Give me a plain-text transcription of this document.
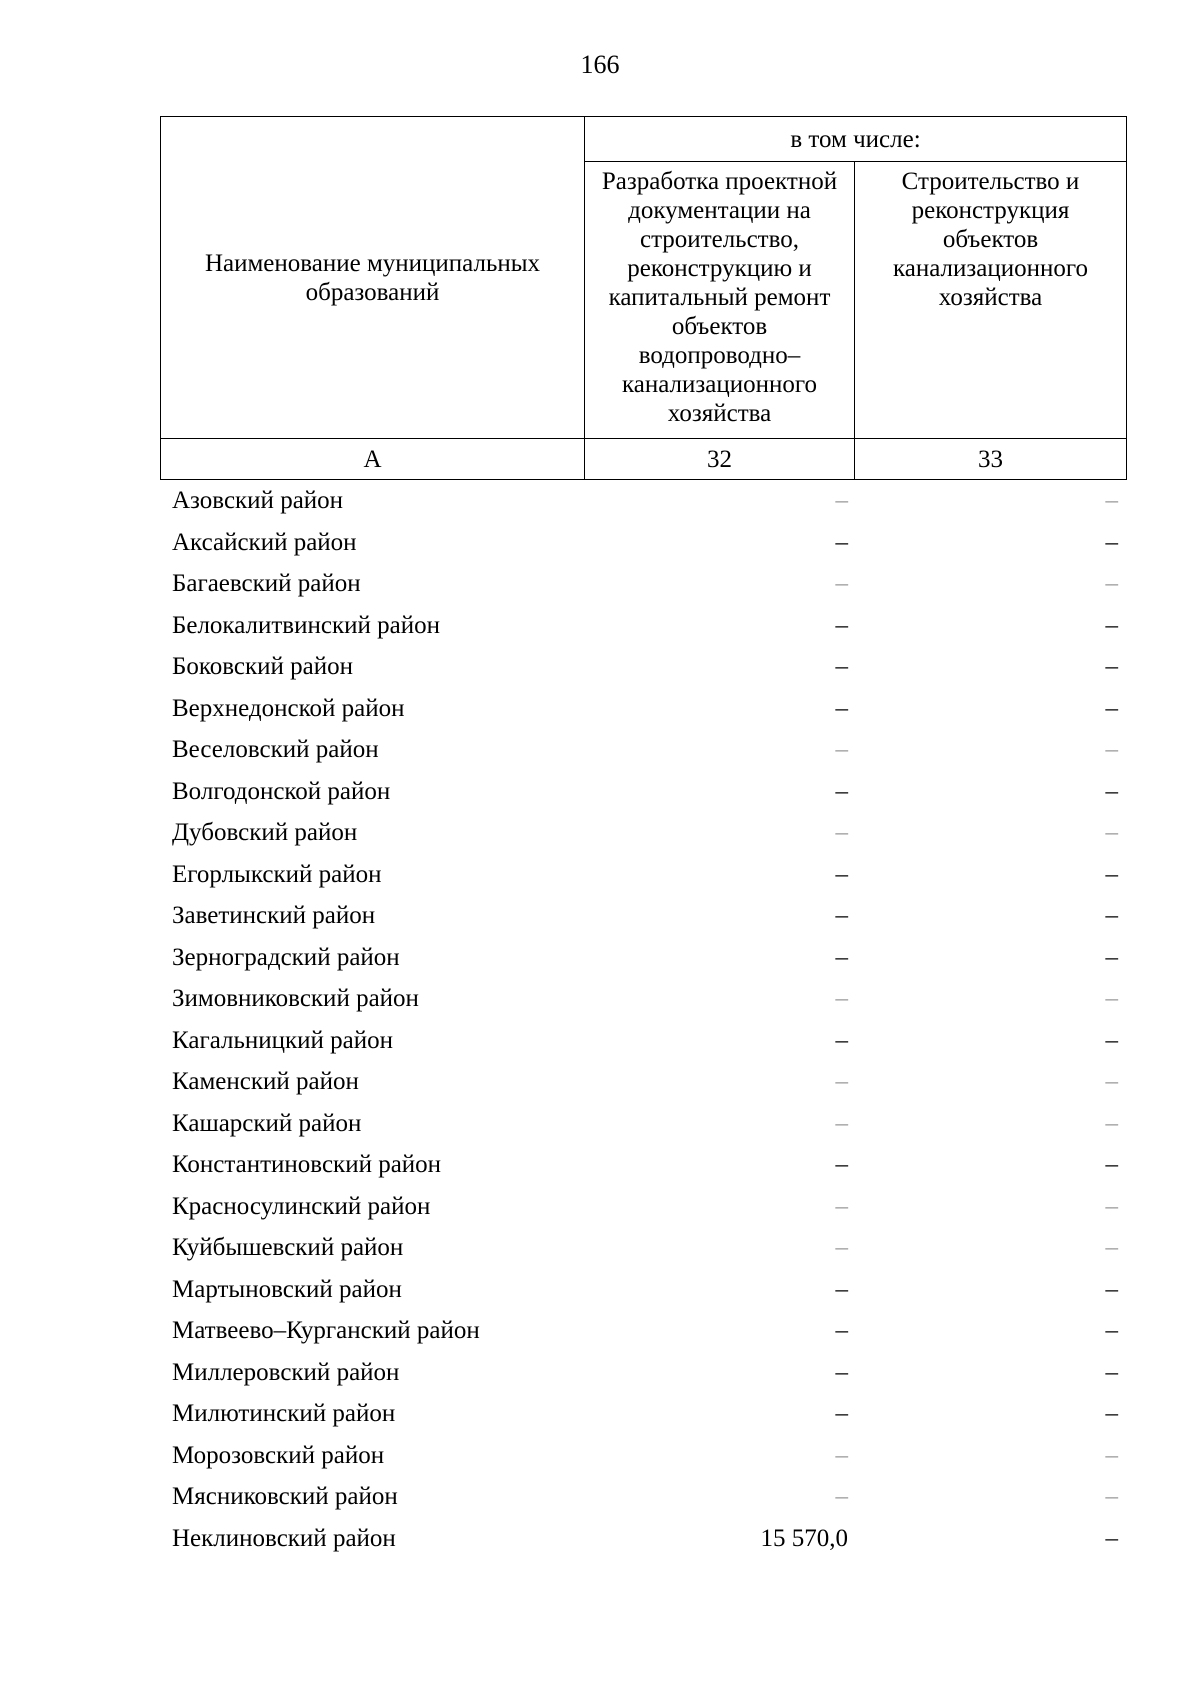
166
Наименование муниципальных образований	в том числе:	

	Разработка проектной документации на строительство, реконструкцию и капитальный ремонт объектов водопроводно–канализационного хозяйства	Строительство и реконструкция объектов канализационного хозяйства

А	32	33
Азовский район	–	–
Аксайский район	–	–
Багаевский район	–	–
Белокалитвинский район	–	–
Боковский район	–	–
Верхнедонской район	–	–
Веселовский район	–	–
Волгодонской район	–	–
Дубовский район	–	–
Егорлыкский район	–	–
Заветинский район	–	–
Зерноградский район	–	–
Зимовниковский район	–	–
Кагальницкий район	–	–
Каменский район	–	–
Кашарский район	–	–
Константиновский район	–	–
Красносулинский район	–	–
Куйбышевский район	–	–
Мартыновский район	–	–
Матвеево–Курганский район	–	–
Миллеровский район	–	–
Милютинский район	–	–
Морозовский район	–	–
Мясниковский район	–	–
Неклиновский район	15 570,0	–
